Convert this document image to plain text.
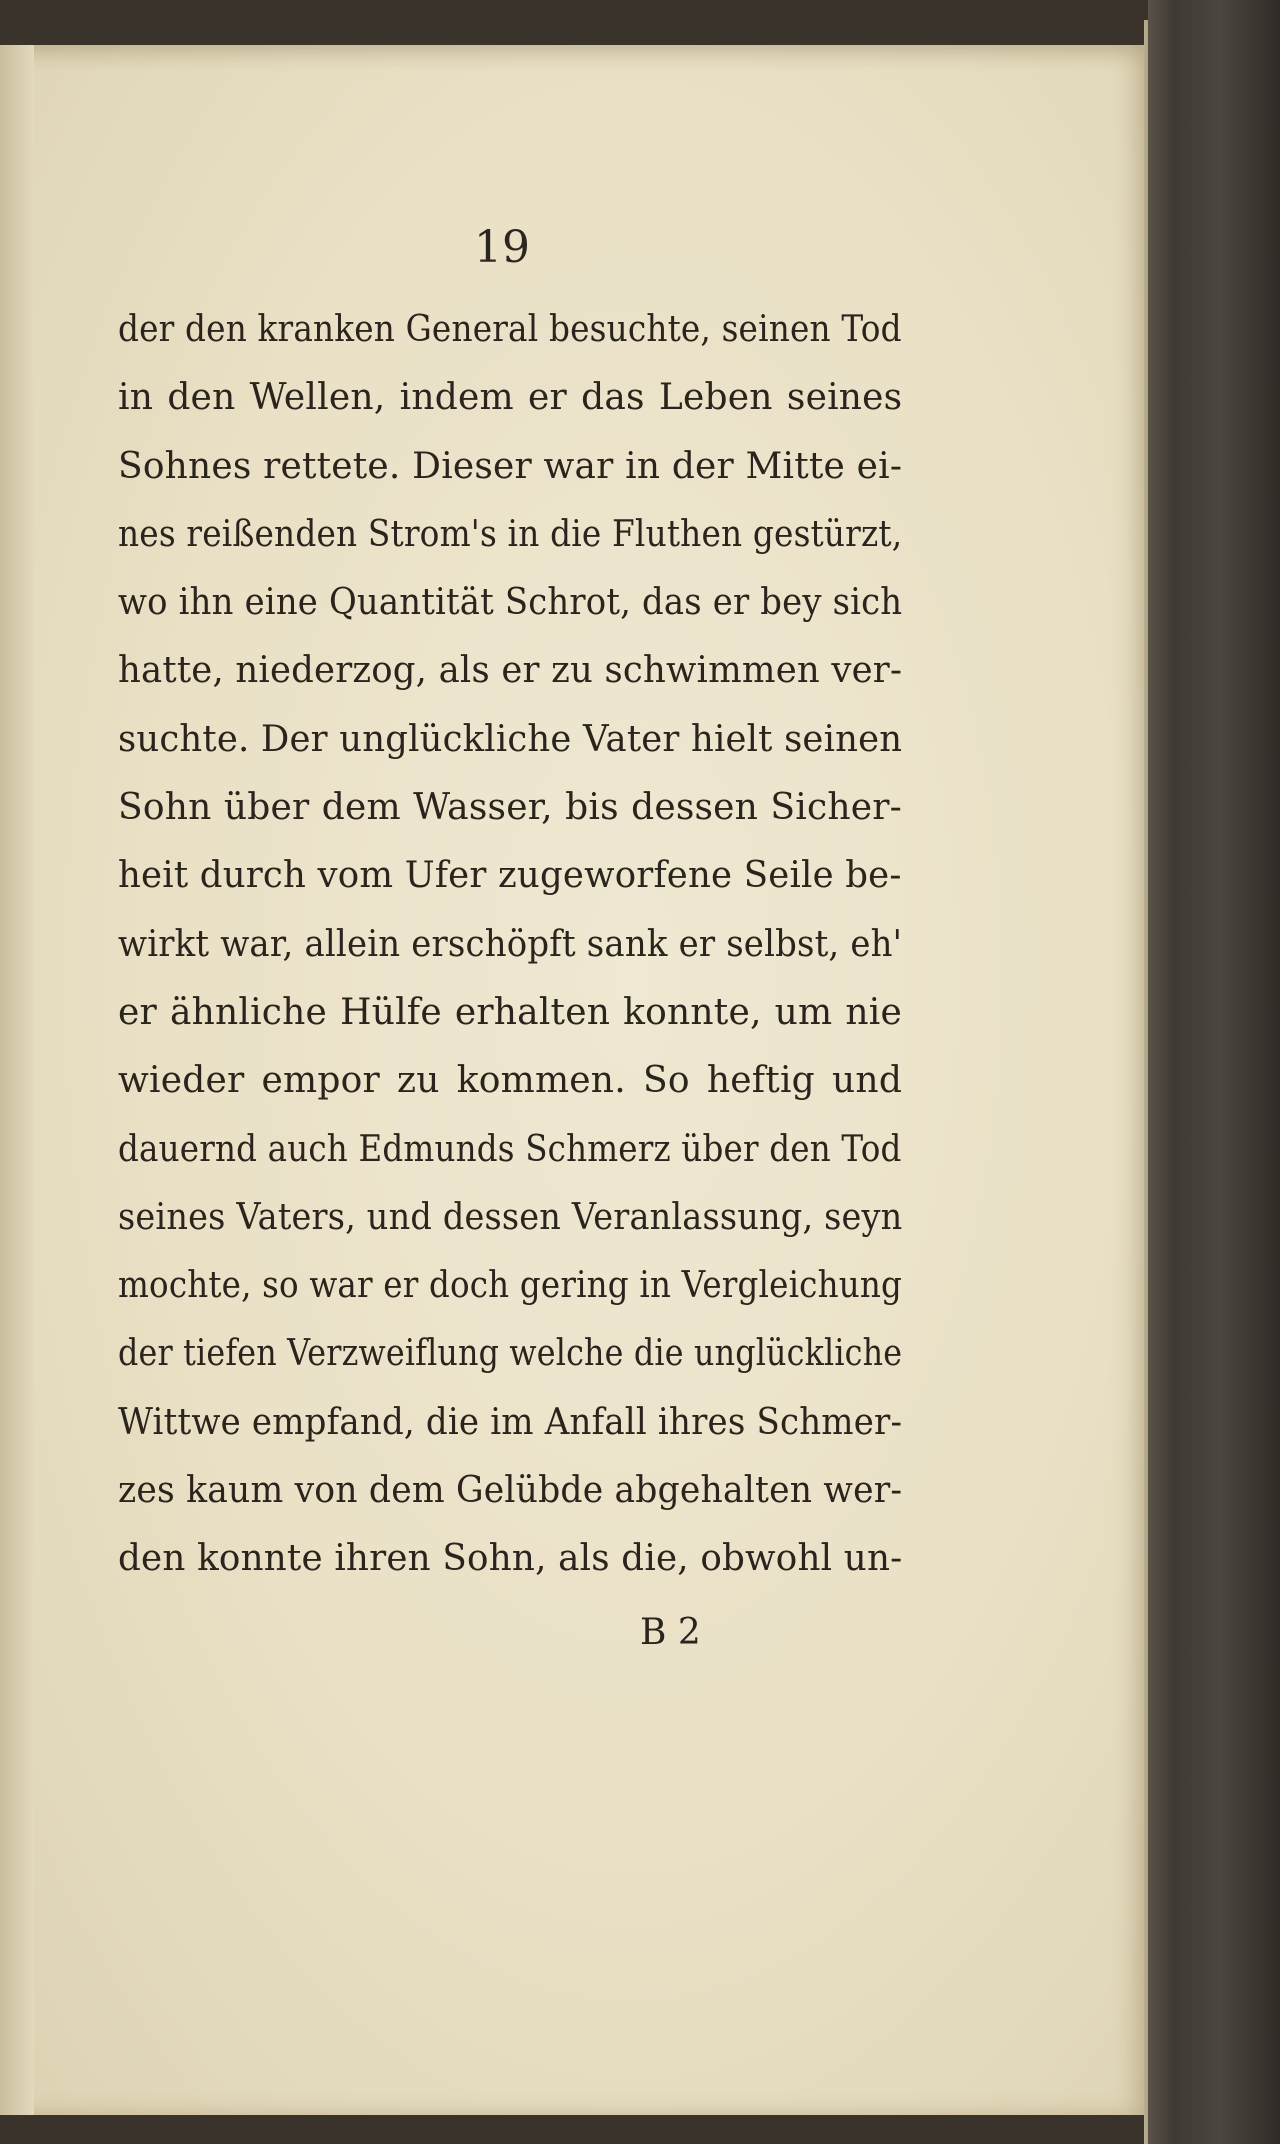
19
der den kranken General besuchte, seinen Tod
in den Wellen, indem er das Leben seines
Sohnes rettete. Dieser war in der Mitte ei-
nes reißenden Strom's in die Fluthen gestürzt,
wo ihn eine Quantität Schrot, das er bey sich
hatte, niederzog, als er zu schwimmen ver-
suchte. Der unglückliche Vater hielt seinen
Sohn über dem Wasser, bis dessen Sicher-
heit durch vom Ufer zugeworfene Seile be-
wirkt war, allein erschöpft sank er selbst, eh'
er ähnliche Hülfe erhalten konnte, um nie
wieder empor zu kommen. So heftig und
dauernd auch Edmunds Schmerz über den Tod
seines Vaters, und dessen Veranlassung, seyn
mochte, so war er doch gering in Vergleichung
der tiefen Verzweiflung welche die unglückliche
Wittwe empfand, die im Anfall ihres Schmer-
zes kaum von dem Gelübde abgehalten wer-
den konnte ihren Sohn, als die, obwohl un-
B 2
